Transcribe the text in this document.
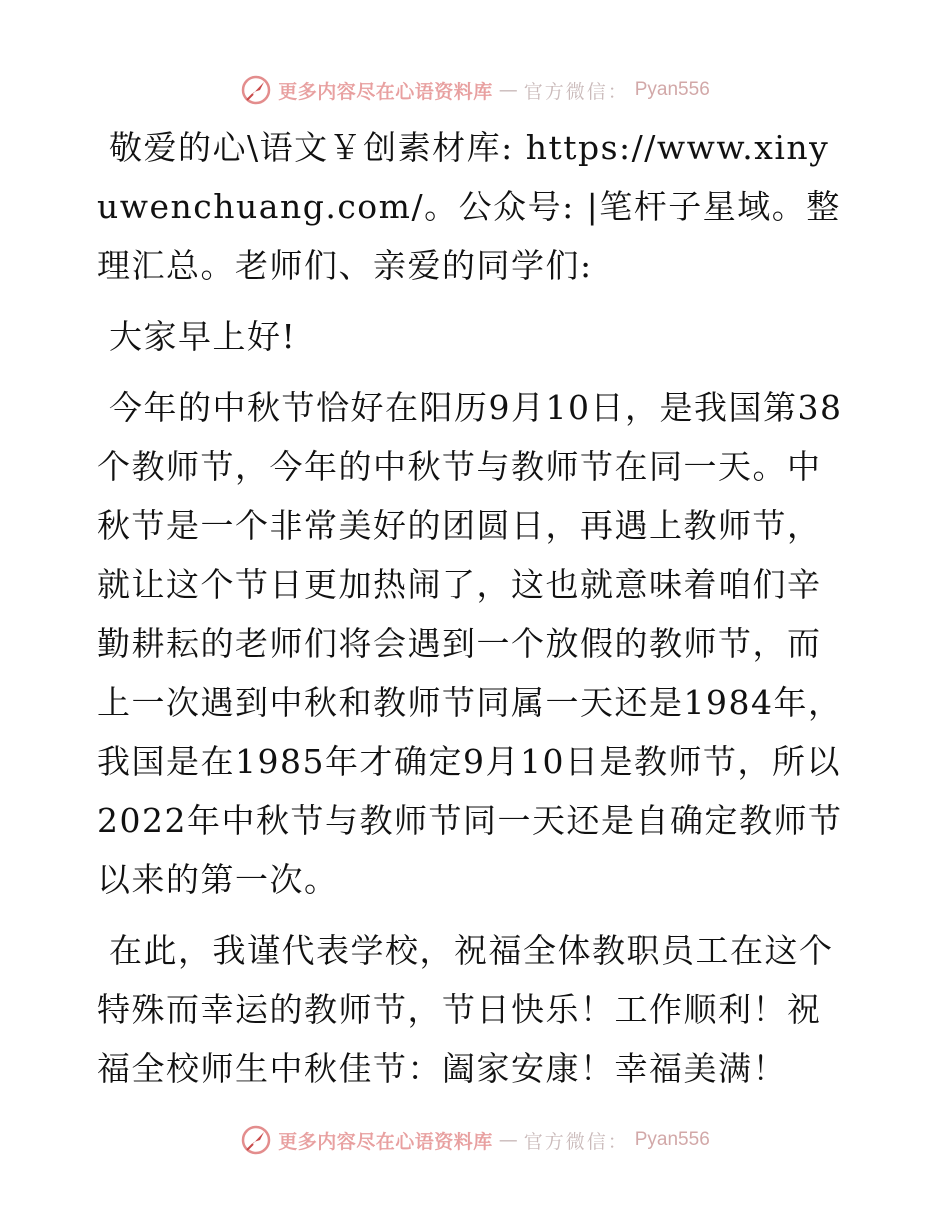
更多内容尽在心语资料库 — 官方微信： Pyan556

敬爱的心\语文￥创素材库: https://www.xinyuwenchuang.com/。公众号: |笔杆子星域。整理汇总。老师们、亲爱的同学们:

大家早上好!

今年的中秋节恰好在阳历9月10日，是我国第38个教师节，今年的中秋节与教师节在同一天。中秋节是一个非常美好的团圆日，再遇上教师节，就让这个节日更加热闹了，这也就意味着咱们辛勤耕耘的老师们将会遇到一个放假的教师节，而上一次遇到中秋和教师节同属一天还是1984年，我国是在1985年才确定9月10日是教师节，所以2022年中秋节与教师节同一天还是自确定教师节以来的第一次。

在此，我谨代表学校，祝福全体教职员工在这个特殊而幸运的教师节，节日快乐！工作顺利！祝福全校师生中秋佳节：阖家安康！幸福美满！

更多内容尽在心语资料库 — 官方微信： Pyan556
